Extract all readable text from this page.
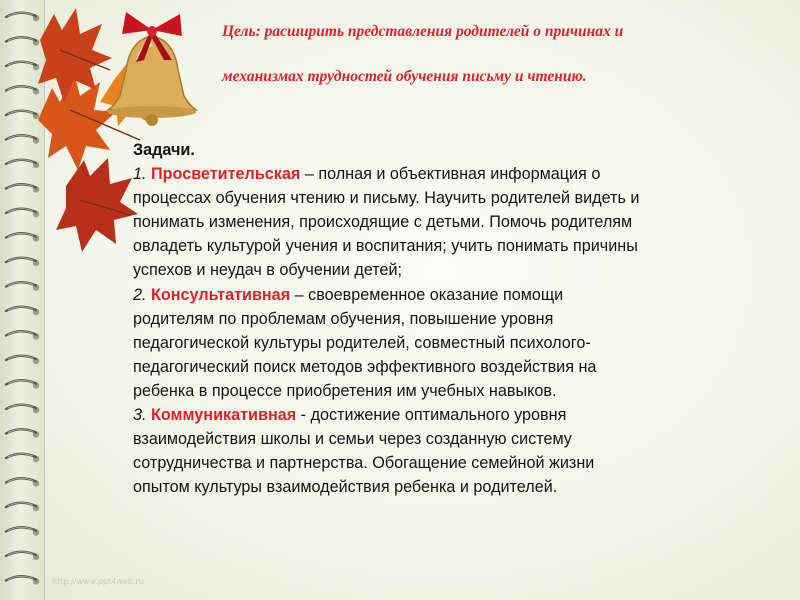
Цель: расширить представления родителей о причинах и
механизмах трудностей обучения письму и чтению.
Задачи.
1. Просветительская – полная и объективная информация о
процессах обучения чтению и письму. Научить родителей видеть и
понимать изменения, происходящие с детьми. Помочь родителям
овладеть культурой учения и воспитания; учить понимать причины
успехов и неудач в обучении детей;
2. Консультативная – своевременное оказание помощи
родителям по проблемам обучения, повышение уровня
педагогической культуры родителей, совместный психолого-
педагогический поиск методов эффективного воздействия на
ребенка в процессе приобретения им учебных навыков.
3. Коммуникативная - достижение оптимального уровня
взаимодействия школы и семьи через созданную систему
сотрудничества и партнерства. Обогащение семейной жизни
опытом культуры взаимодействия ребенка и родителей.
http://www.ppt4web.ru
